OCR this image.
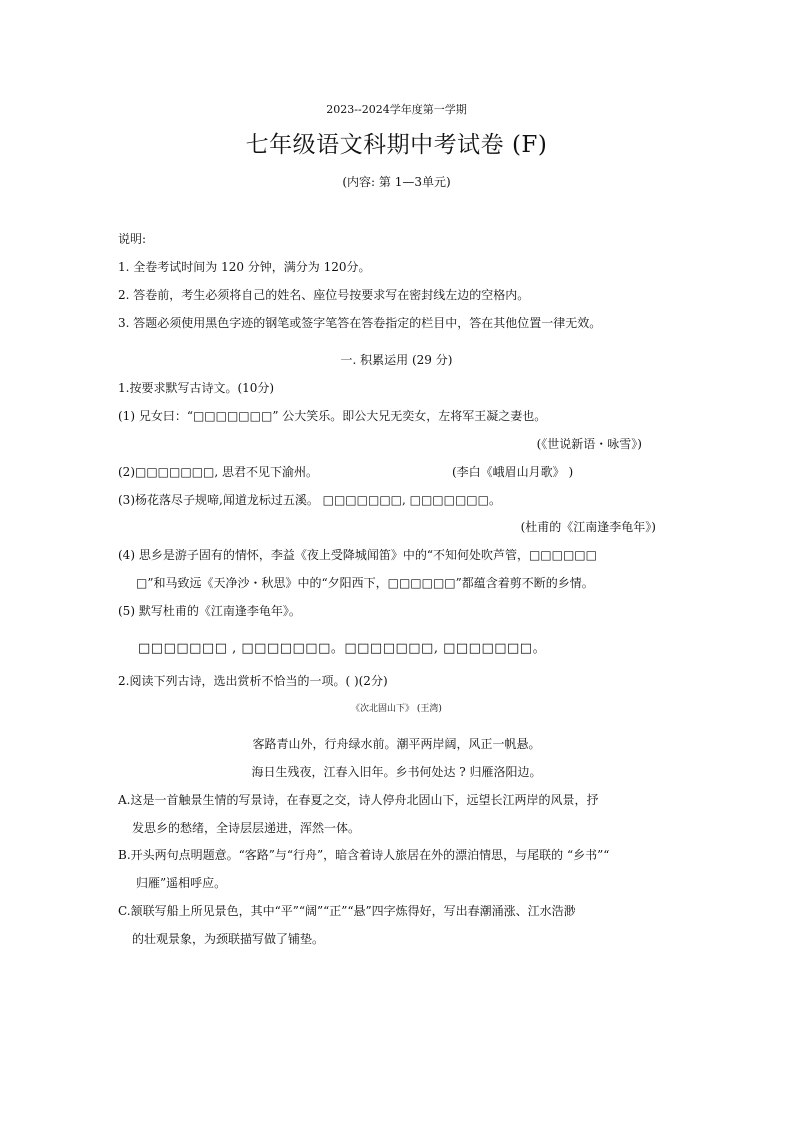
2023--2024学年度第一学期
七年级语文科期中考试卷 (F)
(内容: 第 1—3单元)
说明:
1. 全卷考试时间为 120 分钟，满分为 120分。
2. 答卷前，考生必须将自己的姓名、座位号按要求写在密封线左边的空格内。
3. 答题必须使用黑色字迹的钢笔或签字笔答在答卷指定的栏目中，答在其他位置一律无效。
一. 积累运用 (29 分)
1.按要求默写古诗文。(10分)
(1) 兄女曰：“□□□□□□□” 公大笑乐。即公大兄无奕女，左将军王凝之妻也。
(《世说新语・咏雪》)
(2)□□□□□□□, 思君不见下渝州。	(李白《峨眉山月歌》 )
(3)杨花落尽子规啼,闻道龙标过五溪。 □□□□□□□, □□□□□□□。
(杜甫的《江南逢李龟年》)
(4) 思乡是游子固有的情怀，李益《夜上受降城闻笛》中的“不知何处吹芦管，□□□□□□
□”和马致远《天净沙・秋思》中的“夕阳西下，□□□□□□”都蕴含着剪不断的乡情。
(5) 默写杜甫的《江南逢李龟年》。
□□□□□□□ , □□□□□□□。□□□□□□□, □□□□□□□。
2.阅读下列古诗，选出赏析不恰当的一项。( )(2分)
《次北固山下》 (王湾)
客路青山外，行舟绿水前。潮平两岸阔，风正一帆悬。
海日生残夜，江春入旧年。乡书何处达 ? 归雁洛阳边。
A.这是一首触景生情的写景诗，在春夏之交，诗人停舟北固山下，远望长江两岸的风景，抒
发思乡的愁绪，全诗层层递进，浑然一体。
B.开头两句点明题意。“客路”与“行舟”，暗含着诗人旅居在外的漂泊情思，与尾联的 “乡书”“
归雁”遥相呼应。
C.颔联写船上所见景色，其中“平”“阔”“正”“悬”四字炼得好，写出春潮涌涨、江水浩渺
的壮观景象，为颈联描写做了铺垫。
